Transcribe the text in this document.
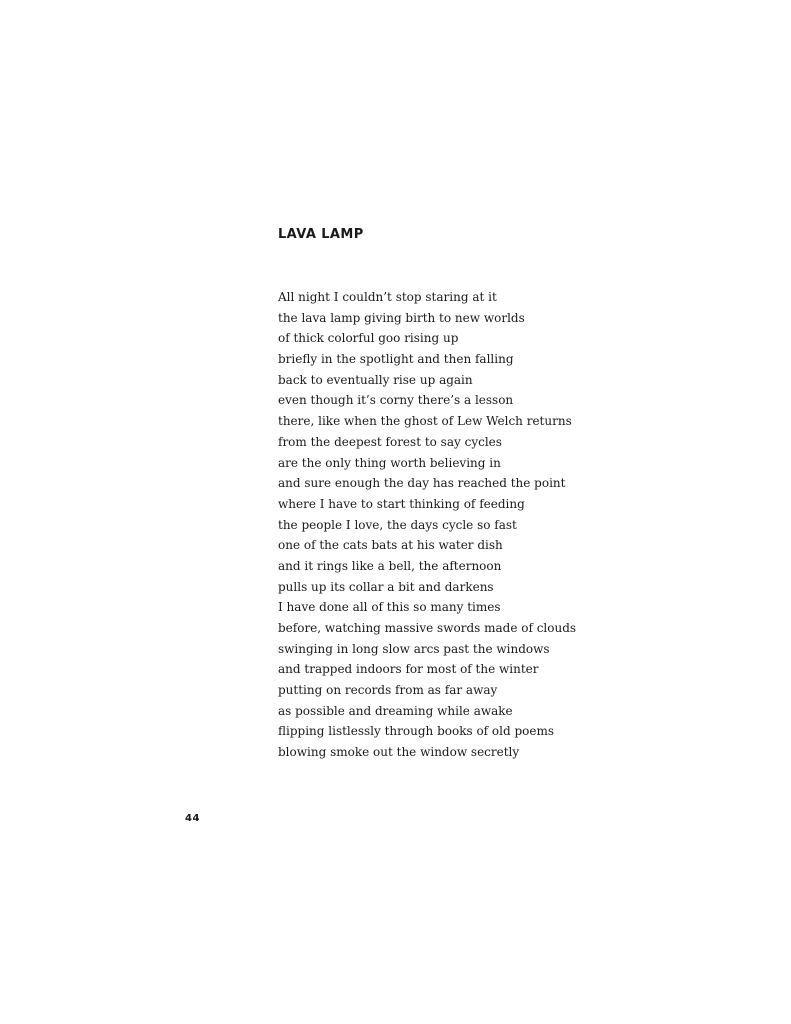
LAVA LAMP
All night I couldn’t stop staring at it
the lava lamp giving birth to new worlds
of thick colorful goo rising up
briefly in the spotlight and then falling
back to eventually rise up again
even though it’s corny there’s a lesson
there, like when the ghost of Lew Welch returns
from the deepest forest to say cycles
are the only thing worth believing in
and sure enough the day has reached the point
where I have to start thinking of feeding
the people I love, the days cycle so fast
one of the cats bats at his water dish
and it rings like a bell, the afternoon
pulls up its collar a bit and darkens
I have done all of this so many times
before, watching massive swords made of clouds
swinging in long slow arcs past the windows
and trapped indoors for most of the winter
putting on records from as far away
as possible and dreaming while awake
flipping listlessly through books of old poems
blowing smoke out the window secretly

44
